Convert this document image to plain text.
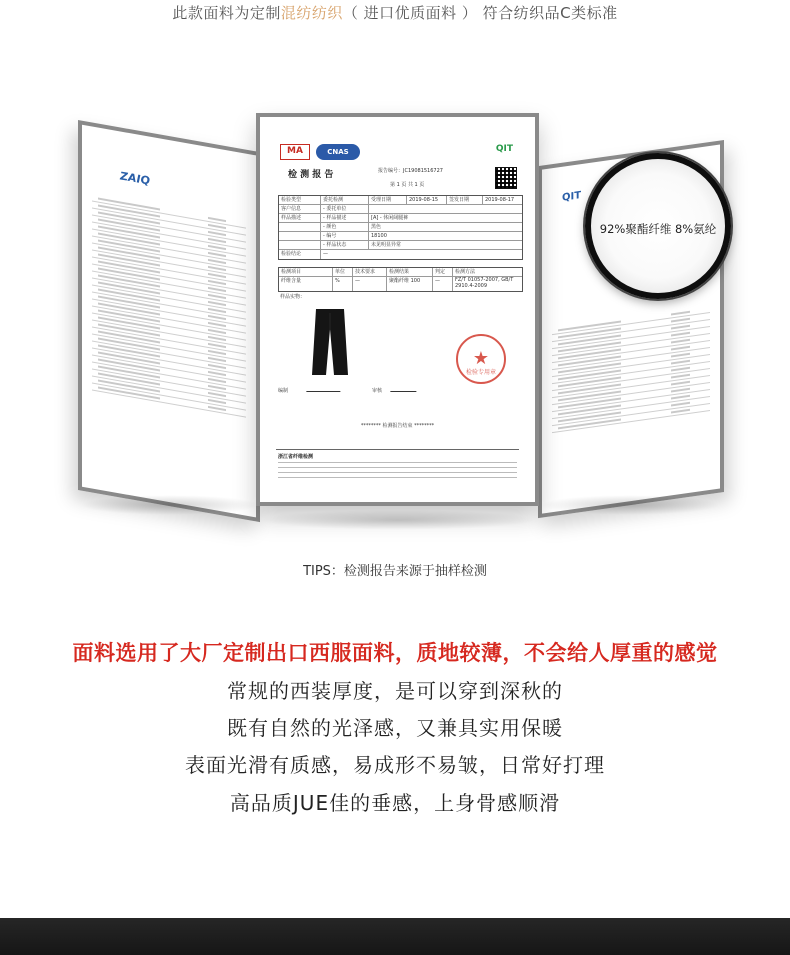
此款面料为定制混纺纺织（ 进口优质面料 ） 符合纺织品C类标准
ZAIQ
QIT
MA	CNAS	QIT
报告编号：JC19081516727
第 1 页 共 1 页
检 测 报 告
检验类型	委托检测	受理日期	2019-08-15	签发日期	2019-08-17
客户信息	- 委托单位
样品描述	- 样品描述	[A] - 休闲阔腿裤
- 颜色	黑色
- 编号	18100
- 样品状态	未见明显异常
检验结论	—
检测项目	单位	技术要求	检测结果	判定	检测方法
纤维含量	%	—	聚酯纤维 100	—	FZ/T 01057-2007, GB/T 2910.4-2009
样品实物：
编制	审核
★ 检验专用章
******** 检测报告结束 ********
浙江省纤维检测
92%聚酯纤维 8%氨纶
TIPS：检测报告来源于抽样检测
面料选用了大厂定制出口西服面料，质地较薄，不会给人厚重的感觉
常规的西装厚度，是可以穿到深秋的
既有自然的光泽感，又兼具实用保暖
表面光滑有质感，易成形不易皱，日常好打理
高品质JUE佳的垂感，上身骨感顺滑
